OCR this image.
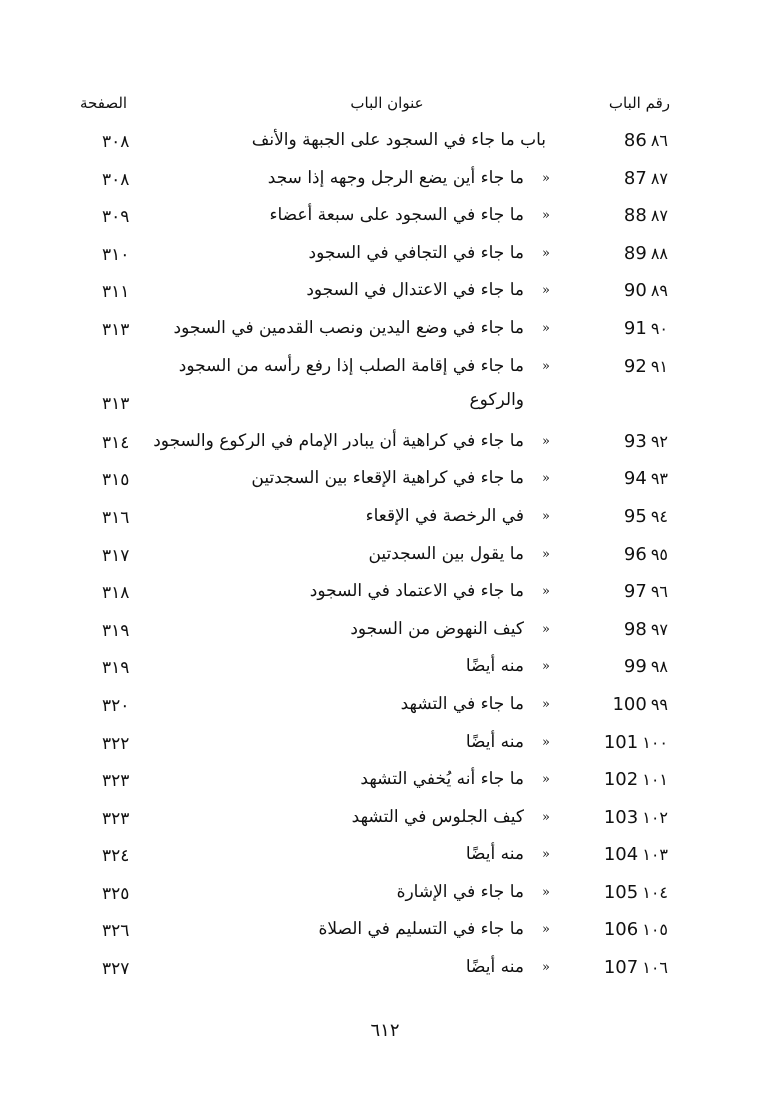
رقم الباب
عنوان الباب
الصفحة
86 ٨٦
باب ما جاء في السجود على الجبهة والأنف
٣٠٨
87 ٨٧
»
ما جاء أين يضع الرجل وجهه إذا سجد
٣٠٨
88 ٨٧
»
ما جاء في السجود على سبعة أعضاء
٣٠٩
89 ٨٨
»
ما جاء في التجافي في السجود
٣١٠
90 ٨٩
»
ما جاء في الاعتدال في السجود
٣١١
91 ٩٠
»
ما جاء في وضع اليدين ونصب القدمين في السجود
٣١٣
92 ٩١
»
ما جاء في إقامة الصلب إذا رفع رأسه من السجود
والركوع
٣١٣
93 ٩٢
»
ما جاء في كراهية أن يبادر الإمام في الركوع والسجود
٣١٤
94 ٩٣
»
ما جاء في كراهية الإقعاء بين السجدتين
٣١٥
95 ٩٤
»
في الرخصة في الإقعاء
٣١٦
96 ٩٥
»
ما يقول بين السجدتين
٣١٧
97 ٩٦
»
ما جاء في الاعتماد في السجود
٣١٨
98 ٩٧
»
كيف النهوض من السجود
٣١٩
99 ٩٨
»
منه أيضًا
٣١٩
100 ٩٩
»
ما جاء في التشهد
٣٢٠
101 ١٠٠
»
منه أيضًا
٣٢٢
102 ١٠١
»
ما جاء أنه يُخفي التشهد
٣٢٣
103 ١٠٢
»
كيف الجلوس في التشهد
٣٢٣
104 ١٠٣
»
منه أيضًا
٣٢٤
105 ١٠٤
»
ما جاء في الإشارة
٣٢٥
106 ١٠٥
»
ما جاء في التسليم في الصلاة
٣٢٦
107 ١٠٦
»
منه أيضًا
٣٢٧
٦١٢
